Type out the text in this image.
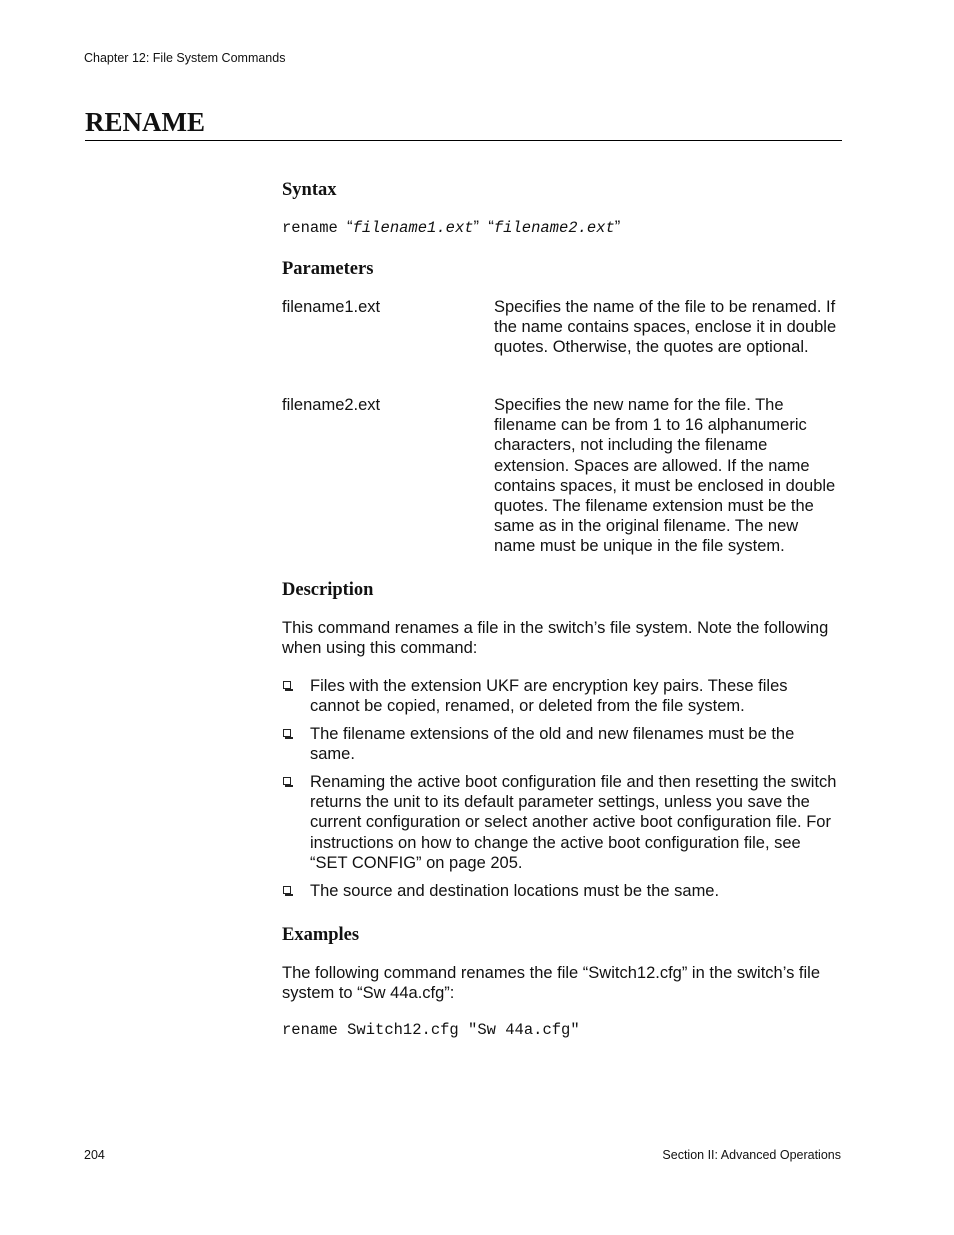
Chapter 12: File System Commands
RENAME
Syntax
rename “filename1.ext” “filename2.ext”
Parameters
filename1.ext	Specifies the name of the file to be renamed. If the name contains spaces, enclose it in double quotes. Otherwise, the quotes are optional.
filename2.ext	Specifies the new name for the file. The filename can be from 1 to 16 alphanumeric characters, not including the filename extension. Spaces are allowed. If the name contains spaces, it must be enclosed in double quotes. The filename extension must be the same as in the original filename. The new name must be unique in the file system.
Description
This command renames a file in the switch’s file system. Note the following when using this command:
Files with the extension UKF are encryption key pairs. These files cannot be copied, renamed, or deleted from the file system.
The filename extensions of the old and new filenames must be the same.
Renaming the active boot configuration file and then resetting the switch returns the unit to its default parameter settings, unless you save the current configuration or select another active boot configuration file. For instructions on how to change the active boot configuration file, see “SET CONFIG” on page 205.
The source and destination locations must be the same.
Examples
The following command renames the file “Switch12.cfg” in the switch’s file system to “Sw 44a.cfg”:
rename Switch12.cfg "Sw 44a.cfg"
204	Section II: Advanced Operations
